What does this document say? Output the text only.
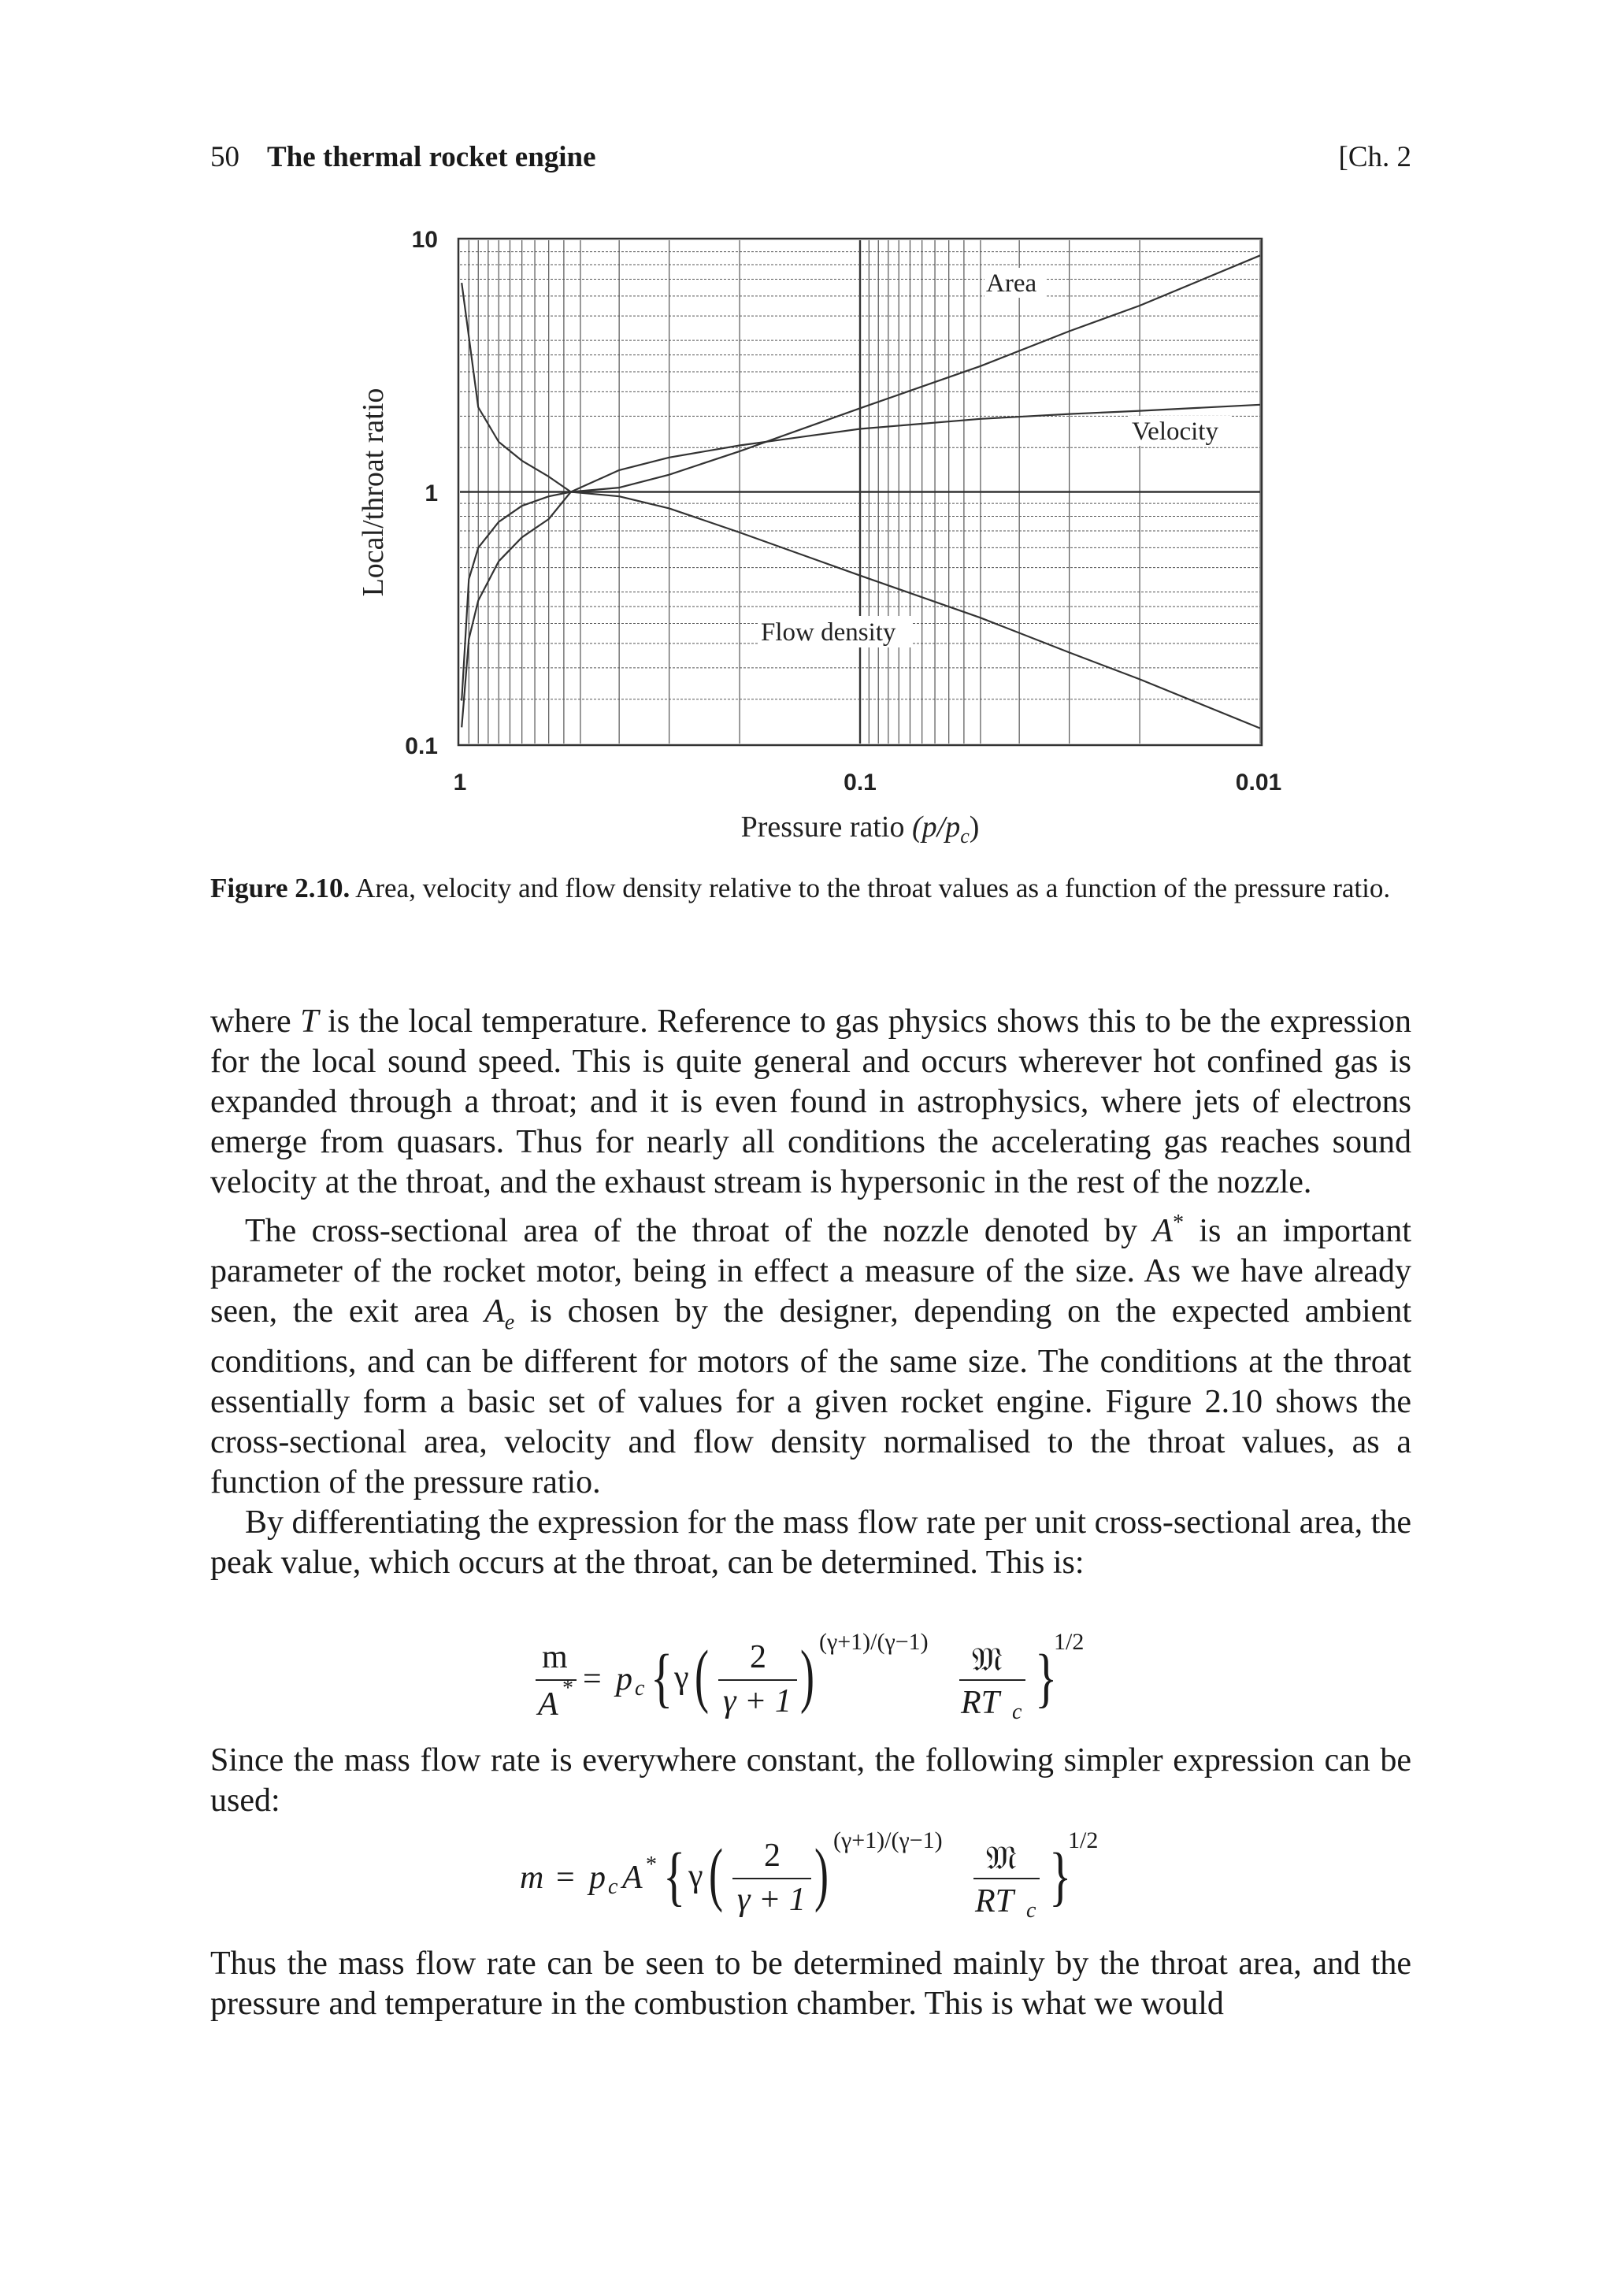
50 The thermal rocket engine	[Ch. 2
Area
Velocity
Flow density
10
1
0.1
1	0.1	0.01
Local/throat ratio
Pressure ratio $(p/p_c)$
Figure 2.10. Area, velocity and flow density relative to the throat values as a function of the pressure ratio.

where T is the local temperature. Reference to gas physics shows this to be the expression for the local sound speed. This is quite general and occurs wherever hot confined gas is expanded through a throat; and it is even found in astrophysics, where jets of electrons emerge from quasars. Thus for nearly all conditions the accelerating gas reaches sound velocity at the throat, and the exhaust stream is hypersonic in the rest of the nozzle.

The cross-sectional area of the throat of the nozzle denoted by A* is an important parameter of the rocket motor, being in effect a measure of the size. As we have already seen, the exit area $A_e$ is chosen by the designer, depending on the expected ambient conditions, and can be different for motors of the same size. The conditions at the throat essentially form a basic set of values for a given rocket engine. Figure 2.10 shows the cross-sectional area, velocity and flow density normalised to the throat values, as a function of the pressure ratio.

By differentiating the expression for the mass flow rate per unit cross-sectional area, the peak value, which occurs at the throat, can be determined. This is:

m
A * = p c { γ ( 2
γ + 1 ) (γ+1)/(γ−1)
𝔐
RT c }
1/2

Since the mass flow rate is everywhere constant, the following simpler expression can be used:

m = p c A * { γ ( 2
γ + 1 ) (γ+1)/(γ−1)
𝔐
RT c }
1/2

Thus the mass flow rate can be seen to be determined mainly by the throat area, and the pressure and temperature in the combustion chamber. This is what we would
